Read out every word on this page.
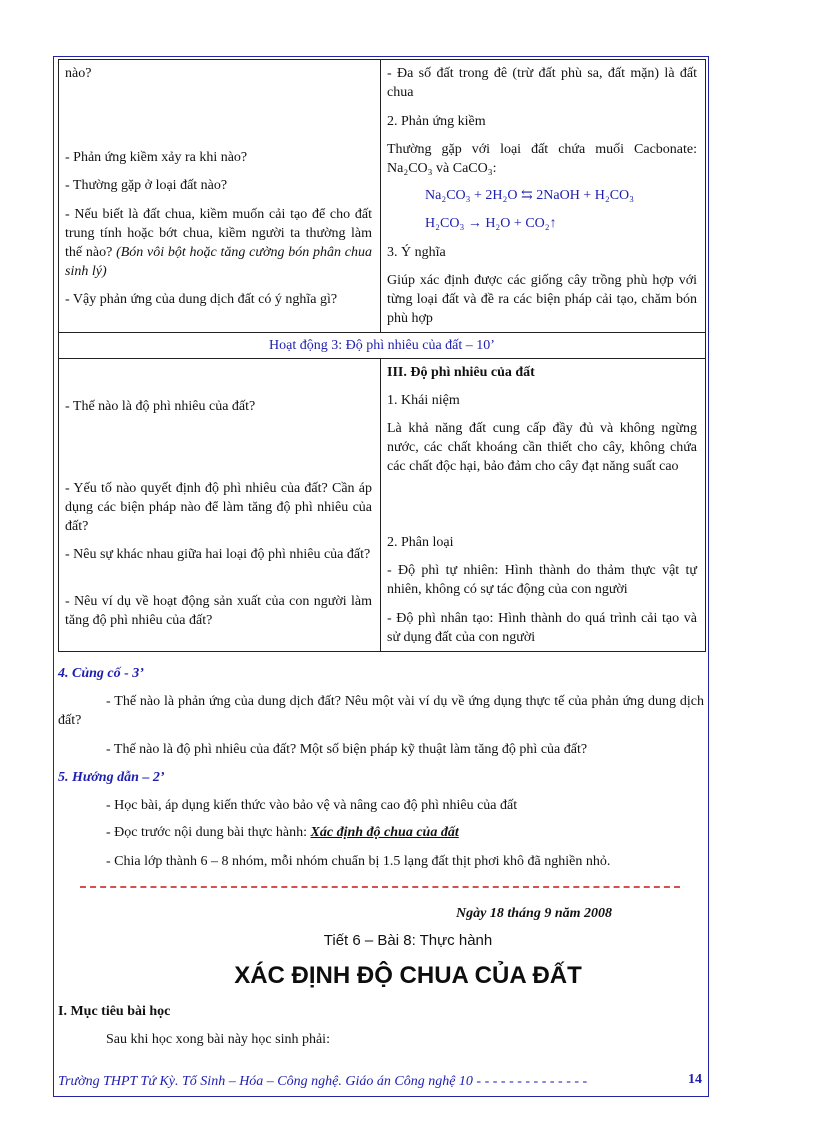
nào?

- Phản ứng kiềm xảy ra khi nào?

- Thường gặp ở loại đất nào?

- Nếu biết là đất chua, kiềm muốn cải tạo để cho đất trung tính hoặc bớt chua, kiềm người ta thường làm thế nào? (Bón vôi bột hoặc tăng cường bón phân chua sinh lý)

- Vậy phản ứng của dung dịch đất có ý nghĩa gì?

- Đa số đất trong đê (trừ đất phù sa, đất mặn) là đất chua

2. Phản ứng kiềm

Thường gặp với loại đất chứa muối Cacbonate: Na₂CO₃ và CaCO₃:

Na₂CO₃ + 2H₂O ⇆ 2NaOH + H₂CO₃

H₂CO₃ → H₂O + CO₂↑

3. Ý nghĩa

Giúp xác định được các giống cây trồng phù hợp với từng loại đất và đề ra các biện pháp cải tạo, chăm bón phù hợp

Hoạt động 3: Độ phì nhiêu của đất – 10’

- Thế nào là độ phì nhiêu của đất?

- Yếu tố nào quyết định độ phì nhiêu của đất? Cần áp dụng các biện pháp nào để làm tăng độ phì nhiêu của đất?

- Nêu sự khác nhau giữa hai loại độ phì nhiêu của đất?

- Nêu ví dụ về hoạt động sản xuất của con người làm tăng độ phì nhiêu của đất?

III. Độ phì nhiêu của đất

1. Khái niệm

Là khả năng đất cung cấp đầy đủ và không ngừng nước, các chất khoáng cần thiết cho cây, không chứa các chất độc hại, bảo đảm cho cây đạt năng suất cao

2. Phân loại

- Độ phì tự nhiên: Hình thành do thảm thực vật tự nhiên, không có sự tác động của con người

- Độ phì nhân tạo: Hình thành do quá trình cải tạo và sử dụng đất của con người

4. Củng cố - 3’

- Thế nào là phản ứng của dung dịch đất? Nêu một vài ví dụ về ứng dụng thực tế của phản ứng dung dịch đất?

- Thế nào là độ phì nhiêu của đất? Một số biện pháp kỹ thuật làm tăng độ phì của đất?

5. Hướng dẫn – 2’

- Học bài, áp dụng kiến thức vào bảo vệ và nâng cao độ phì nhiêu của đất

- Đọc trước nội dung bài thực hành: Xác định độ chua của đất

- Chia lớp thành 6 – 8 nhóm, mỗi nhóm chuẩn bị 1.5 lạng đất thịt phơi khô đã nghiền nhỏ.

Ngày 18 tháng 9 năm 2008
Tiết 6 – Bài 8: Thực hành
XÁC ĐỊNH ĐỘ CHUA CỦA ĐẤT

I. Mục tiêu bài học

Sau khi học xong bài này học sinh phải:

Trường THPT Tứ Kỳ. Tổ Sinh – Hóa – Công nghệ. Giáo án Công nghệ 10 - - - - - - - - - - - - - -	14
